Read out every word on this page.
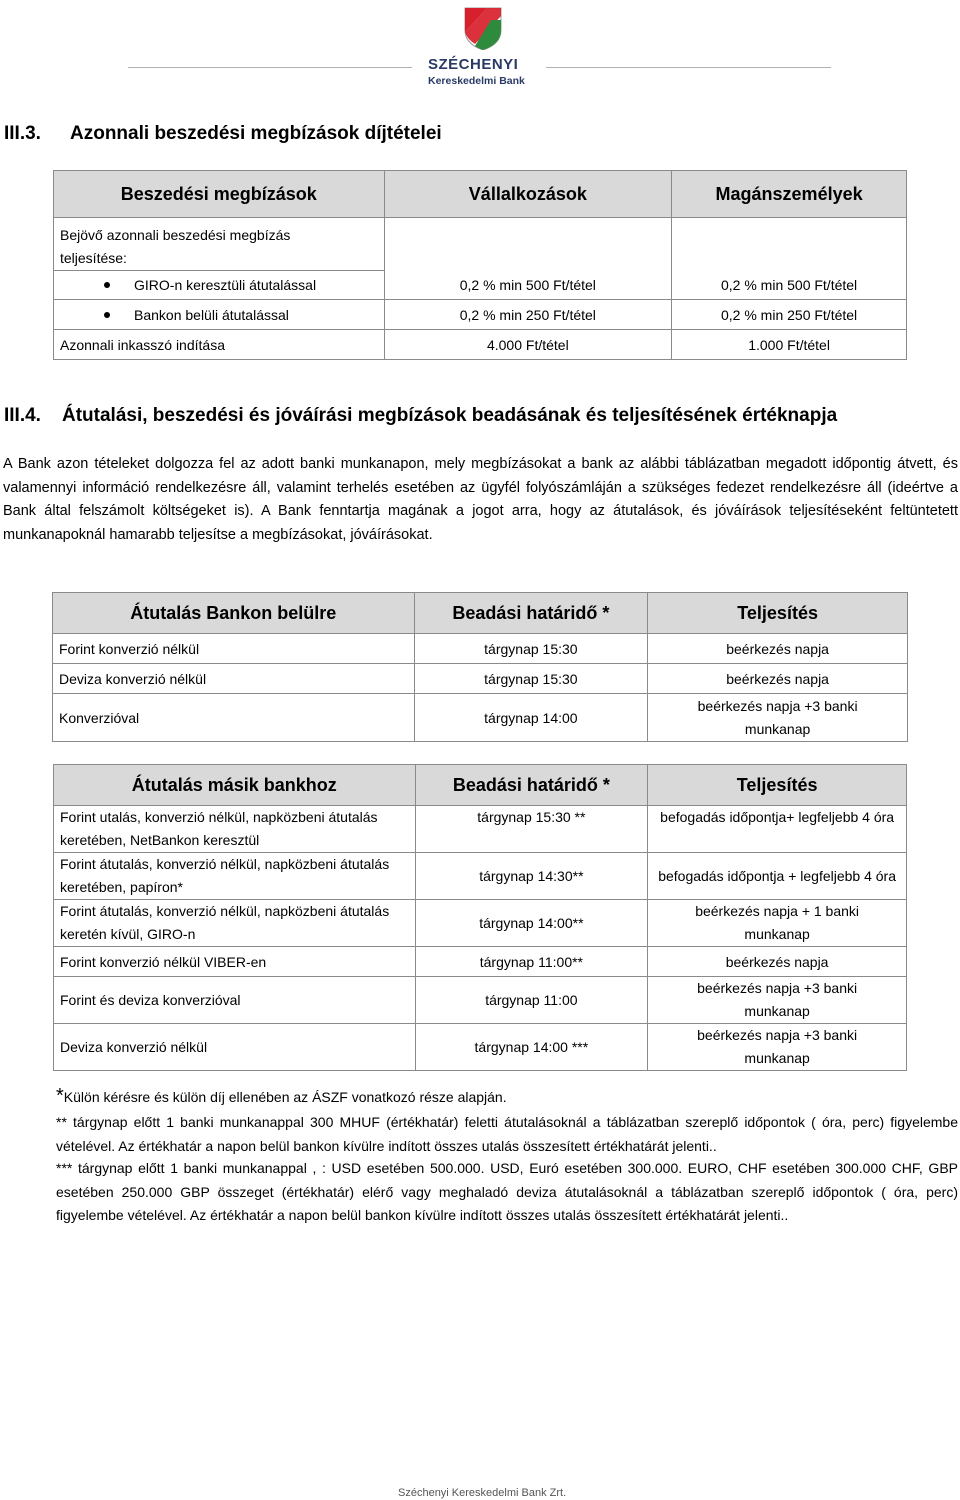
SZÉCHENYI
Kereskedelmi Bank
III.3. Azonnali beszedési megbízások díjtételei
Beszedési megbízások	Vállalkozások	Magánszemélyek
Bejövő azonnali beszedési megbízás teljesítése:		
GIRO-n keresztüli átutalással	0,2 % min 500 Ft/tétel	0,2 % min 500 Ft/tétel
Bankon belüli átutalással	0,2 % min 250 Ft/tétel	0,2 % min 250 Ft/tétel
Azonnali inkasszó indítása	4.000 Ft/tétel	1.000 Ft/tétel
III.4. Átutalási, beszedési és jóváírási megbízások beadásának és teljesítésének értéknapja

A Bank azon tételeket dolgozza fel az adott banki munkanapon, mely megbízásokat a bank az alábbi táblázatban megadott időpontig átvett, és valamennyi információ rendelkezésre áll, valamint terhelés esetében az ügyfél folyószámláján a szükséges fedezet rendelkezésre áll (ideértve a Bank által felszámolt költségeket is). A Bank fenntartja magának a jogot arra, hogy az átutalások, és jóváírások teljesítéseként feltüntetett munkanapoknál hamarabb teljesítse a megbízásokat, jóváírásokat.

Átutalás Bankon belülre	Beadási határidő *	Teljesítés
Forint konverzió nélkül	tárgynap 15:30	beérkezés napja
Deviza konverzió nélkül	tárgynap 15:30	beérkezés napja
Konverzióval	tárgynap 14:00	beérkezés napja +3 banki munkanap
Átutalás másik bankhoz	Beadási határidő *	Teljesítés
Forint utalás, konverzió nélkül, napközbeni átutalás keretében, NetBankon keresztül	tárgynap 15:30 **	befogadás időpontja+ legfeljebb 4 óra
Forint átutalás, konverzió nélkül, napközbeni átutalás keretében, papíron*	tárgynap 14:30**	befogadás időpontja + legfeljebb 4 óra
Forint átutalás, konverzió nélkül, napközbeni átutalás keretén kívül, GIRO-n	tárgynap 14:00**	beérkezés napja + 1 banki munkanap
Forint konverzió nélkül VIBER-en	tárgynap 11:00**	beérkezés napja
Forint és deviza konverzióval	tárgynap 11:00	beérkezés napja +3 banki munkanap
Deviza konverzió nélkül	tárgynap 14:00 ***	beérkezés napja +3 banki munkanap

*Külön kérésre és külön díj ellenében az ÁSZF vonatkozó része alapján.

** tárgynap előtt 1 banki munkanappal 300 MHUF (értékhatár) feletti átutalásoknál a táblázatban szereplő időpontok ( óra, perc) figyelembe vételével. Az értékhatár a napon belül bankon kívülre indított összes utalás összesített értékhatárát jelenti..

*** tárgynap előtt 1 banki munkanappal , : USD esetében 500.000. USD, Euró esetében 300.000. EURO, CHF esetében 300.000 CHF, GBP esetében 250.000 GBP összeget (értékhatár) elérő vagy meghaladó deviza átutalásoknál a táblázatban szereplő időpontok ( óra, perc) figyelembe vételével. Az értékhatár a napon belül bankon kívülre indított összes utalás összesített értékhatárát jelenti..

Széchenyi Kereskedelmi Bank Zrt.
